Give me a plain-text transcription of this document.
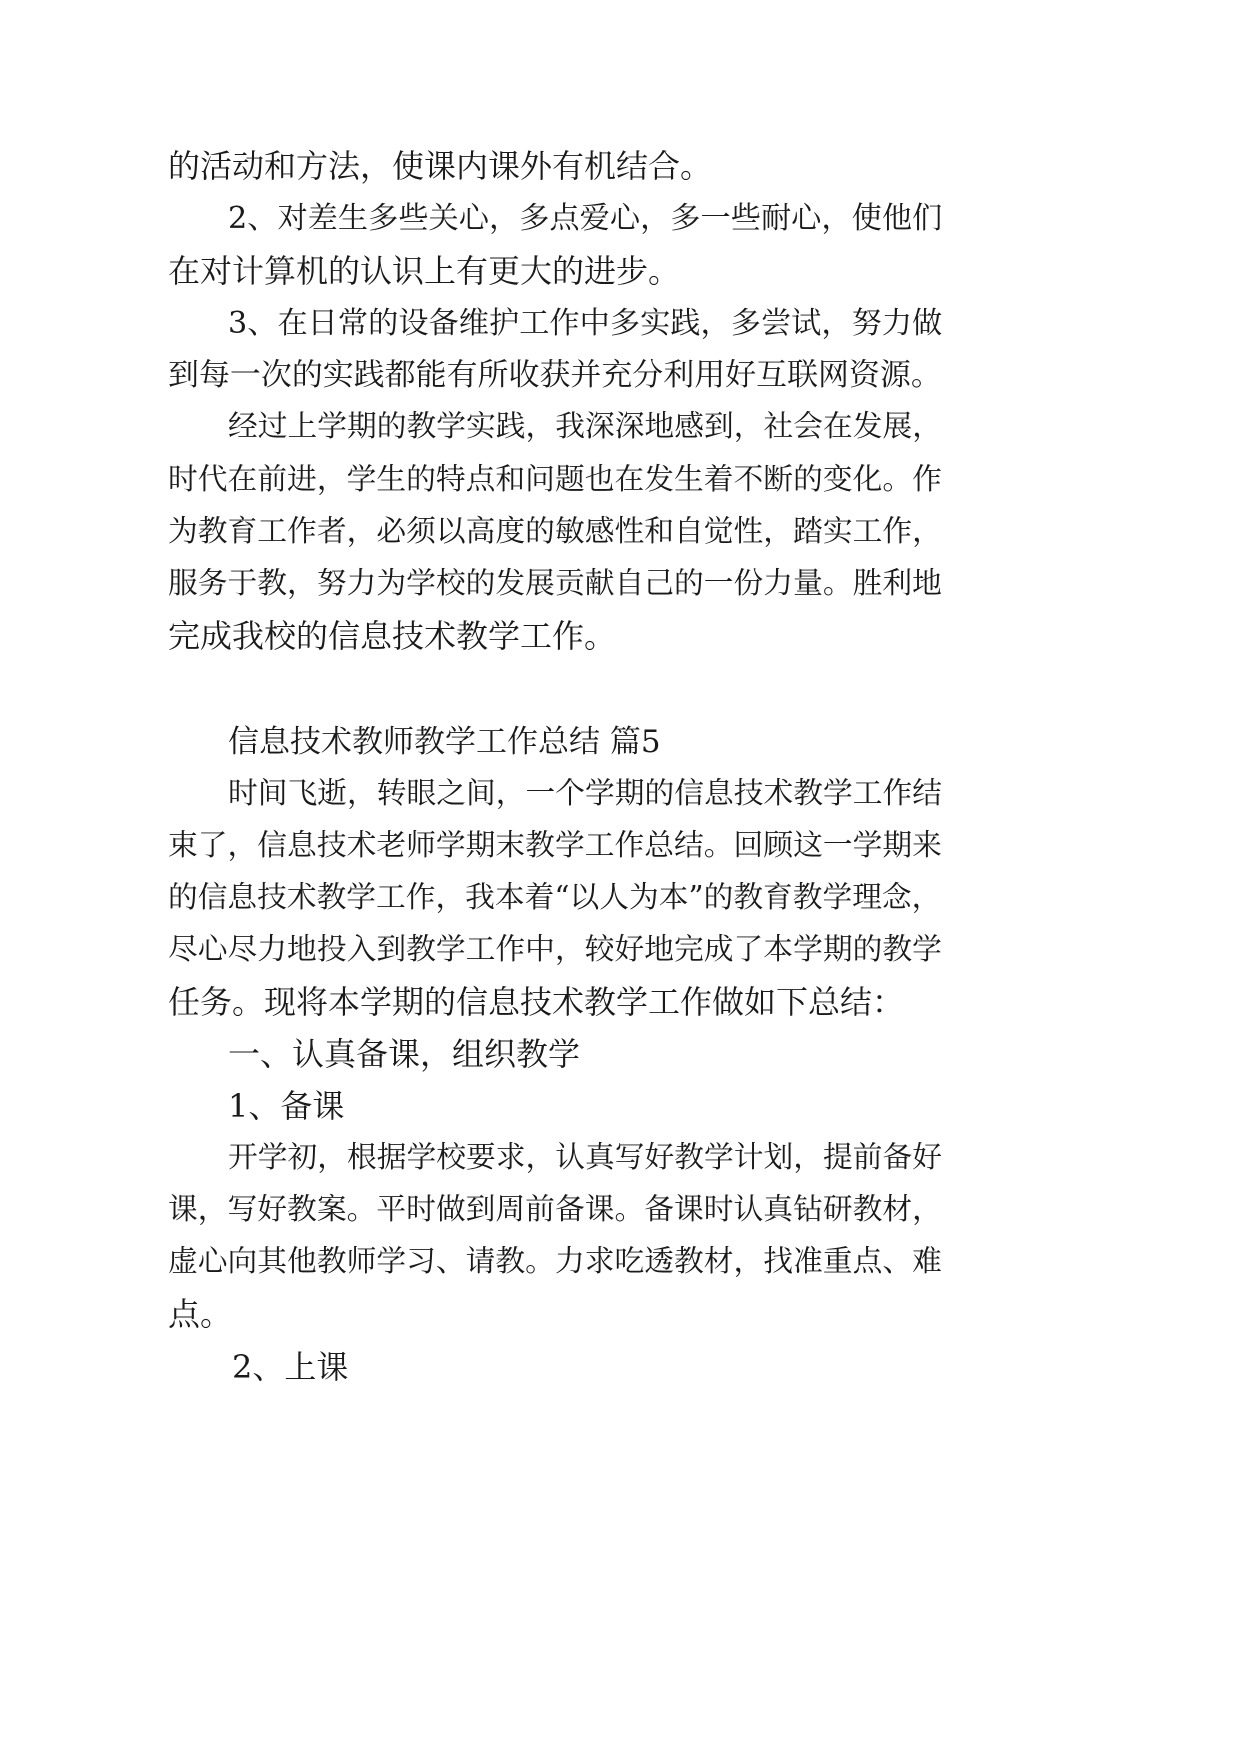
的活动和方法，使课内课外有机结合。

2、对差生多些关心，多点爱心，多一些耐心，使他们

在对计算机的认识上有更大的进步。

3、在日常的设备维护工作中多实践，多尝试，努力做

到每一次的实践都能有所收获并充分利用好互联网资源。

经过上学期的教学实践，我深深地感到，社会在发展，

时代在前进，学生的特点和问题也在发生着不断的变化。作

为教育工作者，必须以高度的敏感性和自觉性，踏实工作，

服务于教，努力为学校的发展贡献自己的一份力量。胜利地

完成我校的信息技术教学工作。

信息技术教师教学工作总结 篇5

时间飞逝，转眼之间，一个学期的信息技术教学工作结

束了，信息技术老师学期末教学工作总结。回顾这一学期来

的信息技术教学工作，我本着“以人为本”的教育教学理念，

尽心尽力地投入到教学工作中，较好地完成了本学期的教学

任务。现将本学期的信息技术教学工作做如下总结：

一、认真备课，组织教学

1、备课

开学初，根据学校要求，认真写好教学计划，提前备好

课，写好教案。平时做到周前备课。备课时认真钻研教材，

虚心向其他教师学习、请教。力求吃透教材，找准重点、难

点。

2、上课
